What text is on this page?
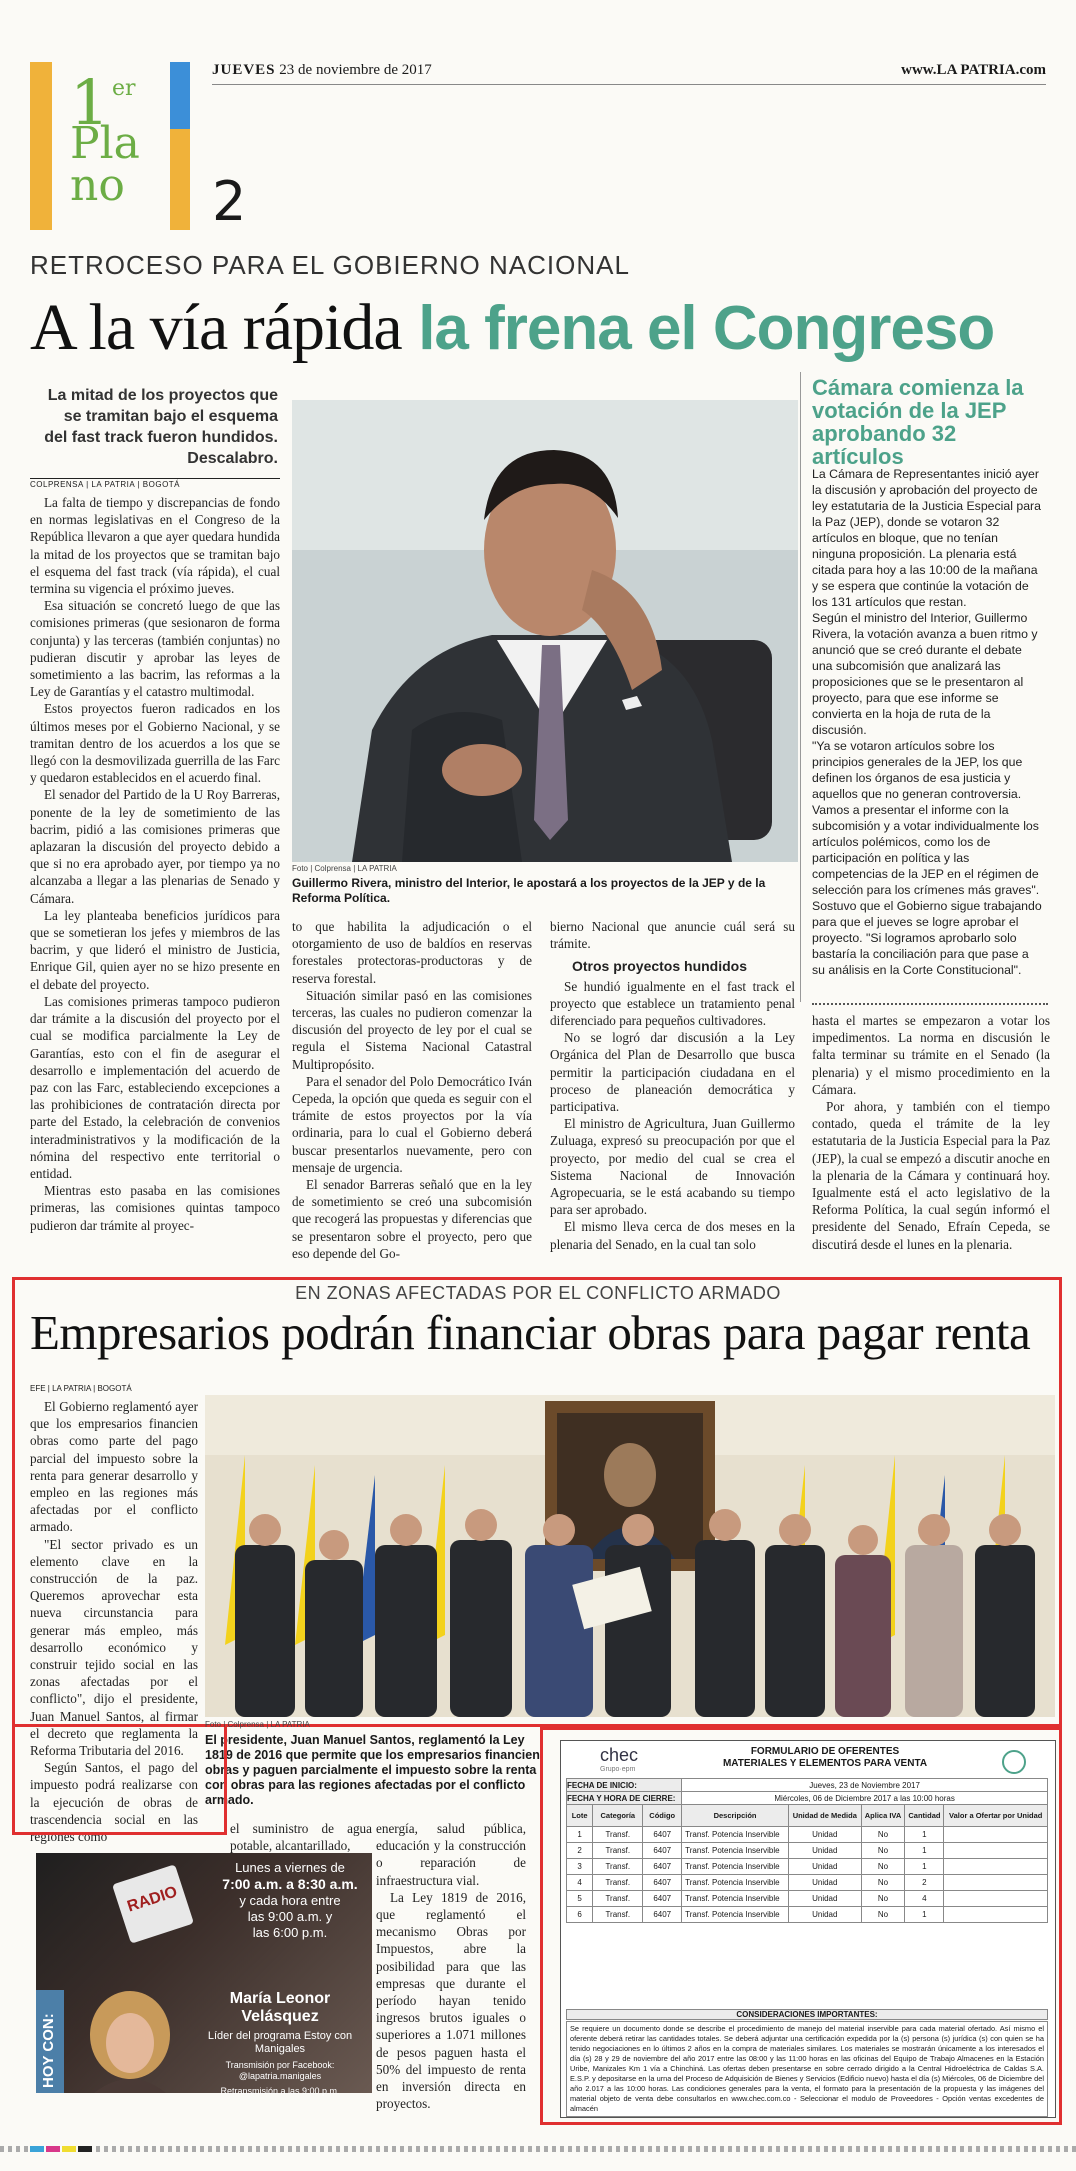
1 er
Pla
no 2
JUEVES 23 de noviembre de 2017	www.LA PATRIA.com
RETROCESO PARA EL GOBIERNO NACIONAL
A la vía rápida la frena el Congreso
La mitad de los proyectos que se tramitan bajo el esquema del fast track fueron hundidos. Descalabro.
COLPRENSA | LA PATRIA | BOGOTÁ

La falta de tiempo y discrepancias de fondo en normas legislativas en el Congreso de la República llevaron a que ayer quedara hundida la mitad de los proyectos que se tramitan bajo el esquema del fast track (vía rápida), el cual termina su vigencia el próximo jueves.

Esa situación se concretó luego de que las comisiones primeras (que sesionaron de forma conjunta) y las terceras (también conjuntas) no pudieran discutir y aprobar las leyes de sometimiento a las bacrim, las reformas a la Ley de Garantías y el catastro multimodal.

Estos proyectos fueron radicados en los últimos meses por el Gobierno Nacional, y se tramitan dentro de los acuerdos a los que se llegó con la desmovilizada guerrilla de las Farc y quedaron establecidos en el acuerdo final.

El senador del Partido de la U Roy Barreras, ponente de la ley de sometimiento de las bacrim, pidió a las comisiones primeras que aplazaran la discusión del proyecto debido a que si no era aprobado ayer, por tiempo ya no alcanzaba a llegar a las plenarias de Senado y Cámara.

La ley planteaba beneficios jurídicos para que se sometieran los jefes y miembros de las bacrim, y que lideró el ministro de Justicia, Enrique Gil, quien ayer no se hizo presente en el debate del proyecto.

Las comisiones primeras tampoco pudieron dar trámite a la discusión del proyecto por el cual se modifica parcialmente la Ley de Garantías, esto con el fin de asegurar el desarrollo e implementación del acuerdo de paz con las Farc, estableciendo excepciones a las prohibiciones de contratación directa por parte del Estado, la celebración de convenios interadministrativos y la modificación de la nómina del respectivo ente territorial o entidad.

Mientras esto pasaba en las comisiones primeras, las comisiones quintas tampoco pudieron dar trámite al proyec-

Foto | Colprensa | LA PATRIA
Guillermo Rivera, ministro del Interior, le apostará a los proyectos de la JEP y de la Reforma Política.

to que habilita la adjudicación o el otorgamiento de uso de baldíos en reservas forestales protectoras-productoras y de reserva forestal.

Situación similar pasó en las comisiones terceras, las cuales no pudieron comenzar la discusión del proyecto de ley por el cual se regula el Sistema Nacional Catastral Multipropósito.

Para el senador del Polo Democrático Iván Cepeda, la opción que queda es seguir con el trámite de estos proyectos por la vía ordinaria, para lo cual el Gobierno deberá buscar presentarlos nuevamente, pero con mensaje de urgencia.

El senador Barreras señaló que en la ley de sometimiento se creó una subcomisión que recogerá las propuestas y diferencias que se presentaron sobre el proyecto, pero que eso depende del Go-

bierno Nacional que anuncie cuál será su trámite.

Otros proyectos hundidos

Se hundió igualmente en el fast track el proyecto que establece un tratamiento penal diferenciado para pequeños cultivadores.

No se logró dar discusión a la Ley Orgánica del Plan de Desarrollo que busca permitir la participación ciudadana en el proceso de planeación democrática y participativa.

El ministro de Agricultura, Juan Guillermo Zuluaga, expresó su preocupación por que el proyecto, por medio del cual se crea el Sistema Nacional de Innovación Agropecuaria, se le está acabando su tiempo para ser aprobado.

El mismo lleva cerca de dos meses en la plenaria del Senado, en la cual tan solo

Cámara comienza la votación de la JEP aprobando 32 artículos

La Cámara de Representantes inició ayer la discusión y aprobación del proyecto de ley estatutaria de la Justicia Especial para la Paz (JEP), donde se votaron 32 artículos en bloque, que no tenían ninguna proposición. La plenaria está citada para hoy a las 10:00 de la mañana y se espera que continúe la votación de los 131 artículos que restan.

Según el ministro del Interior, Guillermo Rivera, la votación avanza a buen ritmo y anunció que se creó durante el debate una subcomisión que analizará las proposiciones que se le presentaron al proyecto, para que ese informe se convierta en la hoja de ruta de la discusión.

"Ya se votaron artículos sobre los principios generales de la JEP, los que definen los órganos de esa justicia y aquellos que no generan controversia. Vamos a presentar el informe con la subcomisión y a votar individualmente los artículos polémicos, como los de participación en política y las competencias de la JEP en el régimen de selección para los crímenes más graves".

Sostuvo que el Gobierno sigue trabajando para que el jueves se logre aprobar el proyecto. "Si logramos aprobarlo solo bastaría la conciliación para que pase a su análisis en la Corte Constitucional".

hasta el martes se empezaron a votar los impedimentos. La norma en discusión le falta terminar su trámite en el Senado (la plenaria) y el mismo procedimiento en la Cámara.

Por ahora, y también con el tiempo contado, queda el trámite de la ley estatutaria de la Justicia Especial para la Paz (JEP), la cual se empezó a discutir anoche en la plenaria de la Cámara y continuará hoy. Igualmente está el acto legislativo de la Reforma Política, la cual según informó el presidente del Senado, Efraín Cepeda, se discutirá desde el lunes en la plenaria.

EN ZONAS AFECTADAS POR EL CONFLICTO ARMADO
Empresarios podrán financiar obras para pagar renta
EFE | LA PATRIA | BOGOTÁ
Foto | Colprensa | LA PATRIA
El presidente, Juan Manuel Santos, reglamentó la Ley 1819 de 2016 que permite que los empresarios financien obras y paguen parcialmente el impuesto sobre la renta con obras para las regiones afectadas por el conflicto armado.

El Gobierno reglamentó ayer que los empresarios financien obras como parte del pago parcial del impuesto sobre la renta para generar desarrollo y empleo en las regiones más afectadas por el conflicto armado.

"El sector privado es un elemento clave en la construcción de la paz. Queremos aprovechar esta nueva circunstancia para generar más empleo, más desarrollo económico y construir tejido social en las zonas afectadas por el conflicto", dijo el presidente, Juan Manuel Santos, al firmar el decreto que reglamenta la Reforma Tributaria del 2016.

Según Santos, el pago del impuesto podrá realizarse con la ejecución de obras de trascendencia social en las regiones como

el suministro de agua potable, alcantarillado,

energía, salud pública, educación y la construcción o reparación de infraestructura vial.

La Ley 1819 de 2016, que reglamentó el mecanismo Obras por Impuestos, abre la posibilidad para que las empresas que durante el período hayan tenido ingresos brutos iguales o superiores a 1.071 millones de pesos paguen hasta el 50% del impuesto de renta en inversión directa en proyectos.

RADIO
Lunes a viernes de
7:00 a.m. a 8:30 a.m.
y cada hora entre
las 9:00 a.m. y
las 6:00 p.m.
HOY CON:
María Leonor Velásquez
Líder del programa Estoy con Manigales
Transmisión por Facebook: @lapatria.manigales
Retransmisión a las 9:00 p.m.
chec
Grupo·epm
FORMULARIO DE OFERENTES
MATERIALES Y ELEMENTOS PARA VENTA
FECHA DE INICIO:			Jueves, 23 de Noviembre 2017				
FECHA Y HORA DE CIERRE:			Miércoles, 06 de Diciembre 2017 a las 10:00 horas				
Lote	Categoría	Código	Descripción	Unidad de Medida	Aplica IVA	Cantidad	Valor a Ofertar por Unidad
1	Transf.	6407	Transf. Potencia Inservible	Unidad	No	1	
2	Transf.	6407	Transf. Potencia Inservible	Unidad	No	1	
3	Transf.	6407	Transf. Potencia Inservible	Unidad	No	1	
4	Transf.	6407	Transf. Potencia Inservible	Unidad	No	2	
5	Transf.	6407	Transf. Potencia Inservible	Unidad	No	4	
6	Transf.	6407	Transf. Potencia Inservible	Unidad	No	1	
CONSIDERACIONES IMPORTANTES:
Se requiere un documento donde se describe el procedimiento de manejo del material inservible para cada material ofertado. Así mismo el oferente deberá retirar las cantidades totales. Se deberá adjuntar una certificación expedida por la (s) persona (s) jurídica (s) con quien se ha tenido negociaciones en lo últimos 2 años en la compra de materiales similares. Los materiales se mostrarán únicamente a los interesados el día (s) 28 y 29 de noviembre del año 2017 entre las 08:00 y las 11:00 horas en las oficinas del Equipo de Trabajo Almacenes en la Estación Uribe, Manizales Km 1 vía a Chinchiná. Las ofertas deben presentarse en sobre cerrado dirigido a la Central Hidroeléctrica de Caldas S.A. E.S.P. y depositarse en la urna del Proceso de Adquisición de Bienes y Servicios (Edificio nuevo) hasta el día (s) Miércoles, 06 de Diciembre del año 2.017 a las 10:00 horas. Las condiciones generales para la venta, el formato para la presentación de la propuesta y las imágenes del material objeto de venta debe consultarlos en www.chec.com.co - Seleccionar el modulo de Proveedores - Opción ventas excedentes de almacén
